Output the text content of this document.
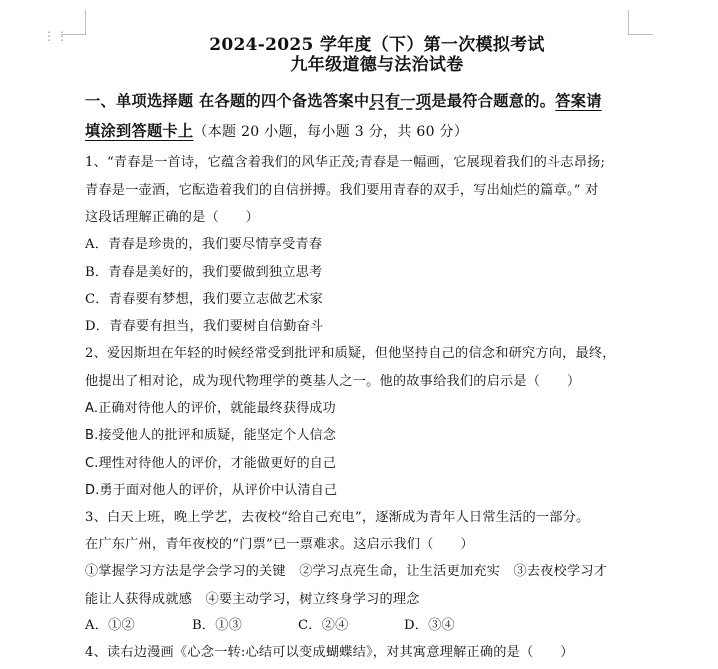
⋮⋮	2024-2025 学年度（下）第一次模拟考试
九年级道德与法治试卷
一、单项选择题 在各题的四个备选答案中只有一项是最符合题意的。答案请
填涂到答题卡上（本题 20 小题，每小题 3 分，共 60 分）
1、“青春是一首诗，它蕴含着我们的风华正茂;青春是一幅画，它展现着我们的斗志昂扬;
青春是一壶酒，它酝造着我们的自信拼搏。我们要用青春的双手，写出灿烂的篇章。” 对
这段话理解正确的是（　　）
A．青春是珍贵的，我们要尽情享受青春
B．青春是美好的，我们要做到独立思考
C．青春要有梦想，我们要立志做艺术家
D．青春要有担当，我们要树自信勤奋斗
2、爱因斯坦在年轻的时候经常受到批评和质疑，但他坚持自己的信念和研究方向，最终，
他提出了相对论，成为现代物理学的奠基人之一。他的故事给我们的启示是（　　）
A.正确对待他人的评价，就能最终获得成功
B.接受他人的批评和质疑，能坚定个人信念
C.理性对待他人的评价，才能做更好的自己
D.勇于面对他人的评价，从评价中认清自己
3、白天上班，晚上学艺，去夜校“给自己充电”，逐渐成为青年人日常生活的一部分。
在广东广州，青年夜校的“门票”已一票难求。这启示我们（　　）
①掌握学习方法是学会学习的关键　②学习点亮生命，让生活更加充实　③去夜校学习才
能让人获得成就感　④要主动学习，树立终身学习的理念
A．①②	B．①③	C．②④	D．③④
4、读右边漫画《心念一转:心结可以变成蝴蝶结》，对其寓意理解正确的是（　　）
